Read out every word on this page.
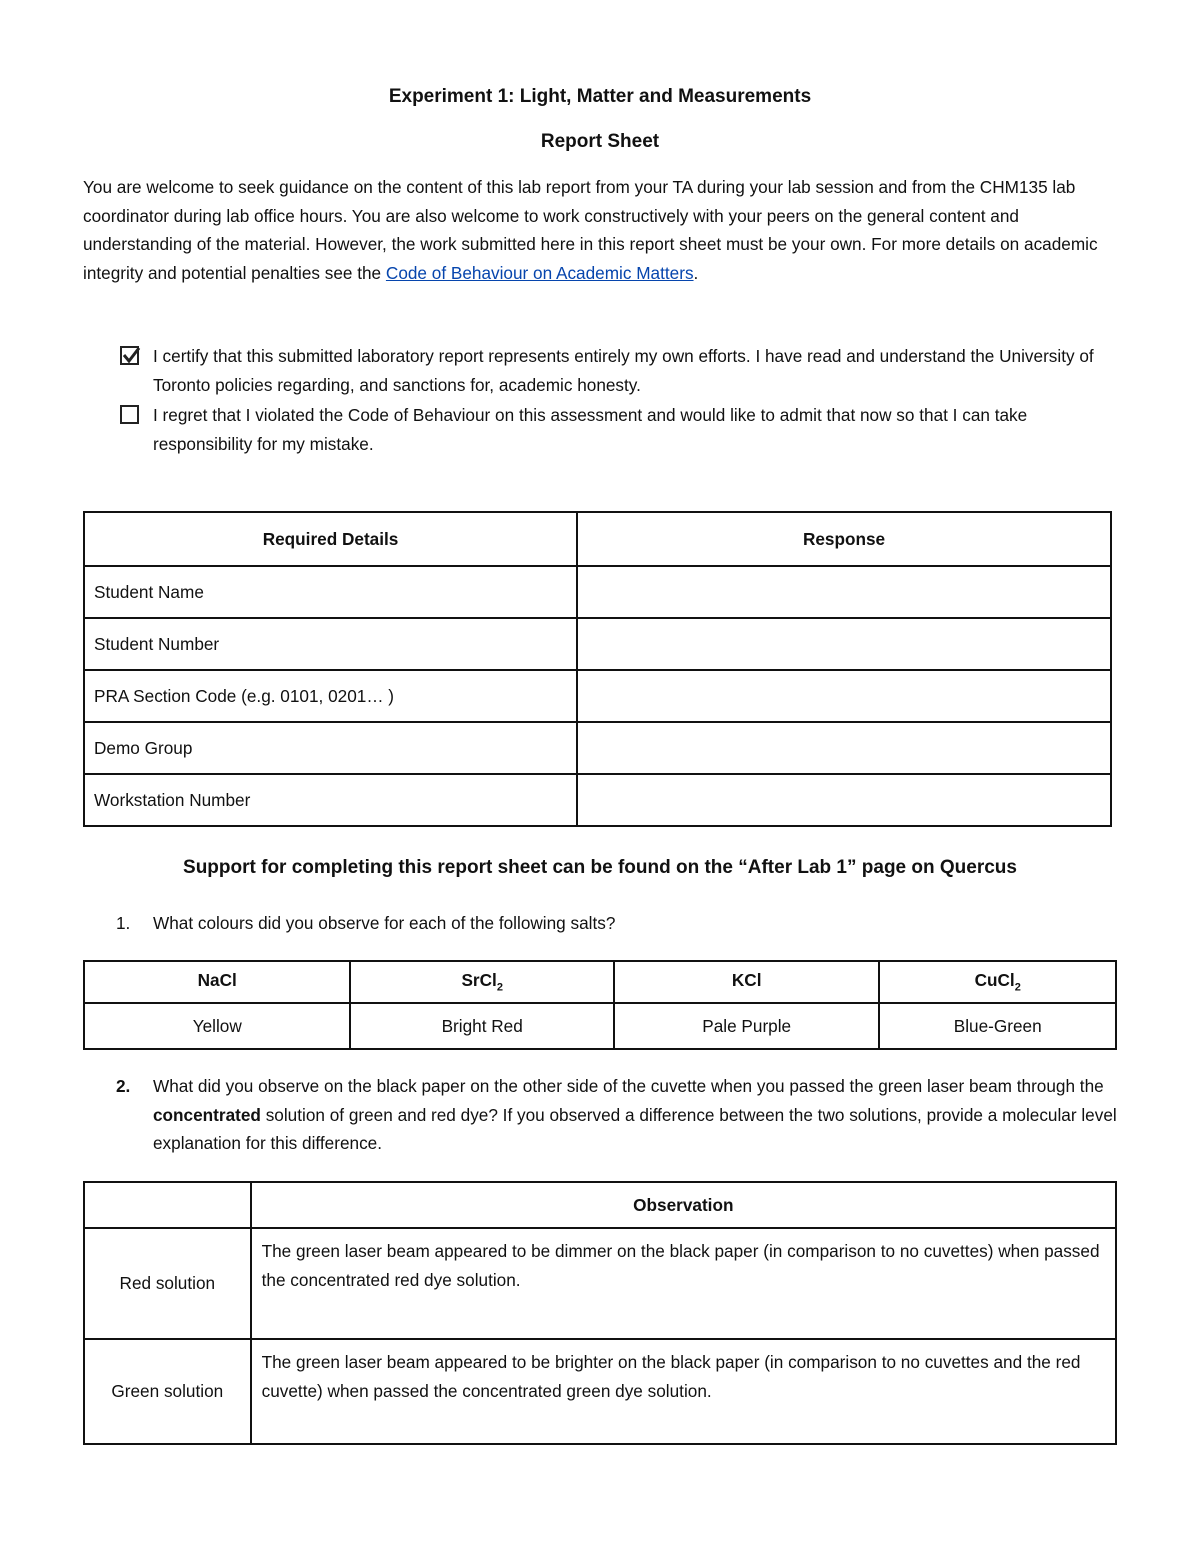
Experiment 1: Light, Matter and Measurements
Report Sheet
You are welcome to seek guidance on the content of this lab report from your TA during your lab session and from the CHM135 lab coordinator during lab office hours. You are also welcome to work constructively with your peers on the general content and understanding of the material. However, the work submitted here in this report sheet must be your own. For more details on academic integrity and potential penalties see the Code of Behaviour on Academic Matters.
I certify that this submitted laboratory report represents entirely my own efforts. I have read and understand the University of Toronto policies regarding, and sanctions for, academic honesty.
I regret that I violated the Code of Behaviour on this assessment and would like to admit that now so that I can take responsibility for my mistake.
Required Details	Response
Student Name	
Student Number	
PRA Section Code (e.g. 0101, 0201… )	
Demo Group	
Workstation Number	
Support for completing this report sheet can be found on the “After Lab 1” page on Quercus
1. What colours did you observe for each of the following salts?
NaCl	SrCl$_2$	KCl	CuCl$_2$
Yellow	Bright Red	Pale Purple	Blue-Green
2. What did you observe on the black paper on the other side of the cuvette when you passed the green laser beam through the concentrated solution of green and red dye? If you observed a difference between the two solutions, provide a molecular level explanation for this difference.
	Observation
Red solution	The green laser beam appeared to be dimmer on the black paper (in comparison to no cuvettes) when passed the concentrated red dye solution.
Green solution	The green laser beam appeared to be brighter on the black paper (in comparison to no cuvettes and the red cuvette) when passed the concentrated green dye solution.
